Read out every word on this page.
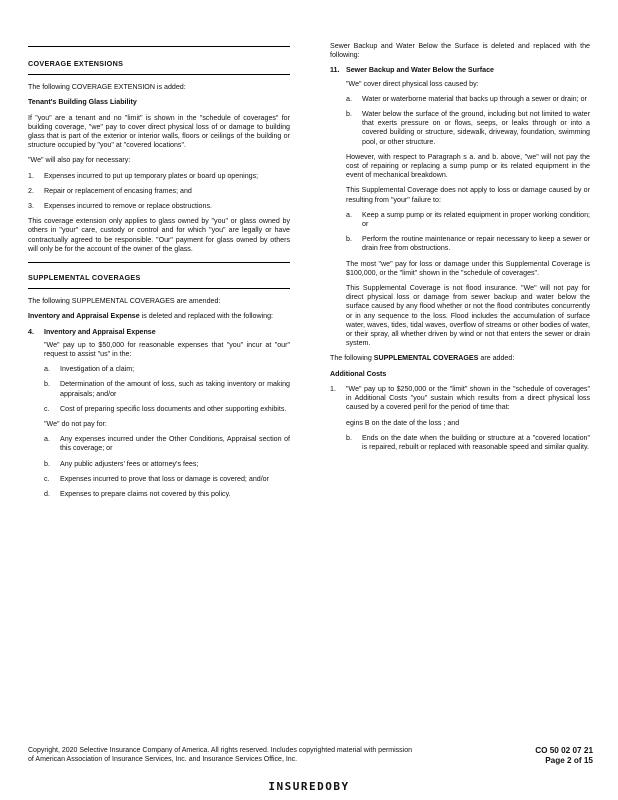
COVERAGE EXTENSIONS

The following COVERAGE EXTENSION is added:

Tenant's Building Glass Liability

If "you" are a tenant and no "limit" is shown in the "schedule of coverages" for building coverage, "we" pay to cover direct physical loss of or damage to building glass that is part of the exterior or interior walls, floors or ceilings of the building or structure occupied by "you" at "covered locations".

"We" will also pay for necessary:

1.	Expenses incurred to put up temporary plates or board up openings;
2.	Repair or replacement of encasing frames; and
3.	Expenses incurred to remove or replace obstructions.

This coverage extension only applies to glass owned by "you" or glass owned by others in "your" care, custody or control and for which "you" are legally or have contractually agreed to be responsible. "Our" payment for glass owned by others will only be for the account of the owner of the glass.

SUPPLEMENTAL COVERAGES

The following SUPPLEMENTAL COVERAGES are amended:

Inventory and Appraisal Expense is deleted and replaced with the following:

4.	Inventory and Appraisal Expense

"We" pay up to $50,000 for reasonable expenses that "you" incur at "our" request to assist "us" in the:

a.	Investigation of a claim;
b.	Determination of the amount of loss, such as taking inventory or making appraisals; and/or
c.	Cost of preparing specific loss documents and other supporting exhibits.

"We" do not pay for:

a.	Any expenses incurred under the Other Conditions, Appraisal section of this coverage; or
b.	Any public adjusters' fees or attorney's fees;
c.	Expenses incurred to prove that loss or damage is covered; and/or
d.	Expenses to prepare claims not covered by this policy.

Sewer Backup and Water Below the Surface is deleted and replaced with the following:

11. Sewer Backup and Water Below the Surface

"We" cover direct physical loss caused by:

a.	Water or waterborne material that backs up through a sewer or drain; or
b.	Water below the surface of the ground, including but not limited to water that exerts pressure on or flows, seeps, or leaks through or into a covered building or structure, sidewalk, driveway, foundation, swimming pool, or other structure.

However, with respect to Paragraph s a. and b. above, "we" will not pay the cost of repairing or replacing a sump pump or its related equipment in the event of mechanical breakdown.

This Supplemental Coverage does not apply to loss or damage caused by or resulting from "your" failure to:

a.	Keep a sump pump or its related equipment in proper working condition; or
b.	Perform the routine maintenance or repair necessary to keep a sewer or drain free from obstructions.

The most "we" pay for loss or damage under this Supplemental Coverage is $100,000, or the "limit" shown in the "schedule of coverages".

This Supplemental Coverage is not flood insurance. "We" will not pay for direct physical loss or damage from sewer backup and water below the surface caused by any flood whether or not the flood contributes concurrently or in any sequence to the loss. Flood includes the accumulation of surface water, waves, tides, tidal waves, overflow of streams or other bodies of water, or their spray, all whether driven by wind or not that enters the sewer or drain system.

The following SUPPLEMENTAL COVERAGES are added:

Additional Costs

1.	"We" pay up to $250,000 or the "limit" shown in the "schedule of coverages" in Additional Costs "you" sustain which results from a direct physical loss caused by a covered peril for the period of time that:

egins B on the date of the loss ; and

b.	Ends on the date when the building or structure at a "covered location" is repaired, rebuilt or replaced with reasonable speed and similar quality.
Copyright, 2020 Selective Insurance Company of America. All rights reserved. Includes copyrighted material with permission of American Association of Insurance Services, Inc. and Insurance Services Office, Inc.
CO 50 02 07 21
Page 2 of 15
INSUREDOBY
